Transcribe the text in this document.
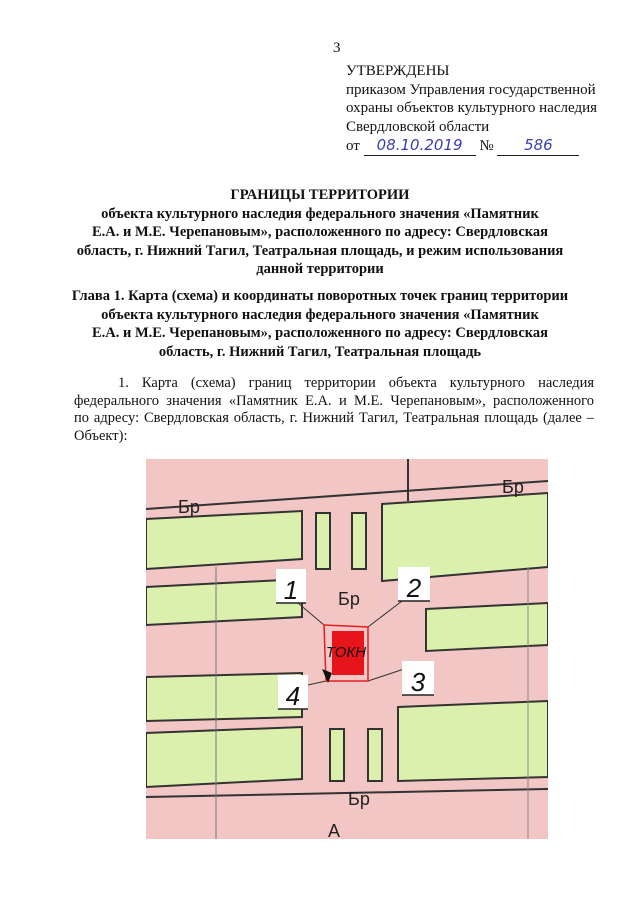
3
УТВЕРЖДЕНЫ
приказом Управления государственной
охраны объектов культурного наследия
Свердловской области
от 08.10.2019 № 586
ГРАНИЦЫ ТЕРРИТОРИИ
объекта культурного наследия федерального значения «Памятник
Е.А. и М.Е. Черепановым», расположенного по адресу: Свердловская
область, г. Нижний Тагил, Театральная площадь, и режим использования
данной территории
Глава 1. Карта (схема) и координаты поворотных точек границ территории
объекта культурного наследия федерального значения «Памятник
Е.А. и М.Е. Черепановым», расположенного по адресу: Свердловская
область, г. Нижний Тагил, Театральная площадь
1. Карта (схема) границ территории объекта культурного наследия
федерального значения «Памятник Е.А. и М.Е. Черепановым», расположенного
по адресу: Свердловская область, г. Нижний Тагил, Театральная площадь (далее –
Объект):
Бр
Бр
Бр
Бр
ТОКН
А
1	2
3
4
